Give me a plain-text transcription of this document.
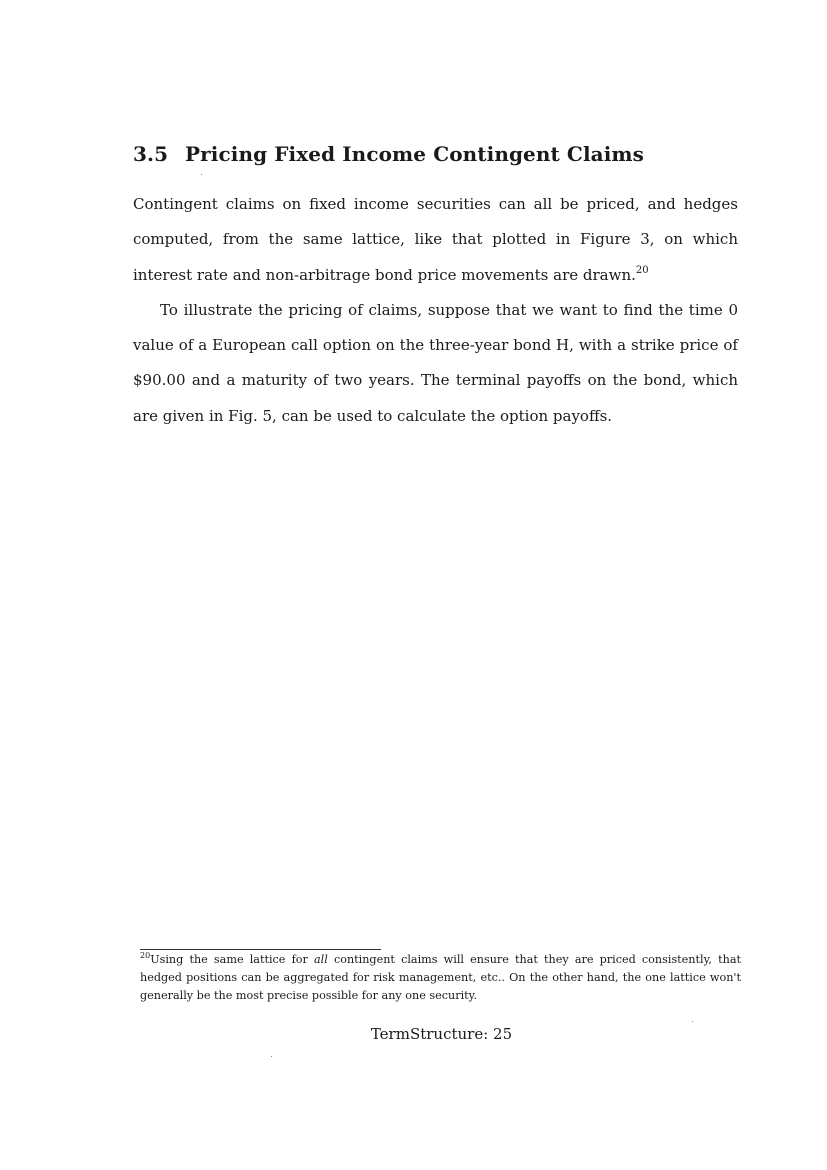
3.5 Pricing Fixed Income Contingent Claims

Contingent claims on fixed income securities can all be priced, and hedges computed, from the same lattice, like that plotted in Figure 3, on which interest rate and non-arbitrage bond price movements are drawn.$^{20}$

To illustrate the pricing of claims, suppose that we want to find the time 0 value of a European call option on the three-year bond H, with a strike price of $90.00 and a maturity of two years. The terminal payoffs on the bond, which are given in Fig. 5, can be used to calculate the option payoffs.

$^{20}$Using the same lattice for all contingent claims will ensure that they are priced consistently, that hedged positions can be aggregated for risk management, etc.. On the other hand, the one lattice won't generally be the most precise possible for any one security.
TermStructure: 25
